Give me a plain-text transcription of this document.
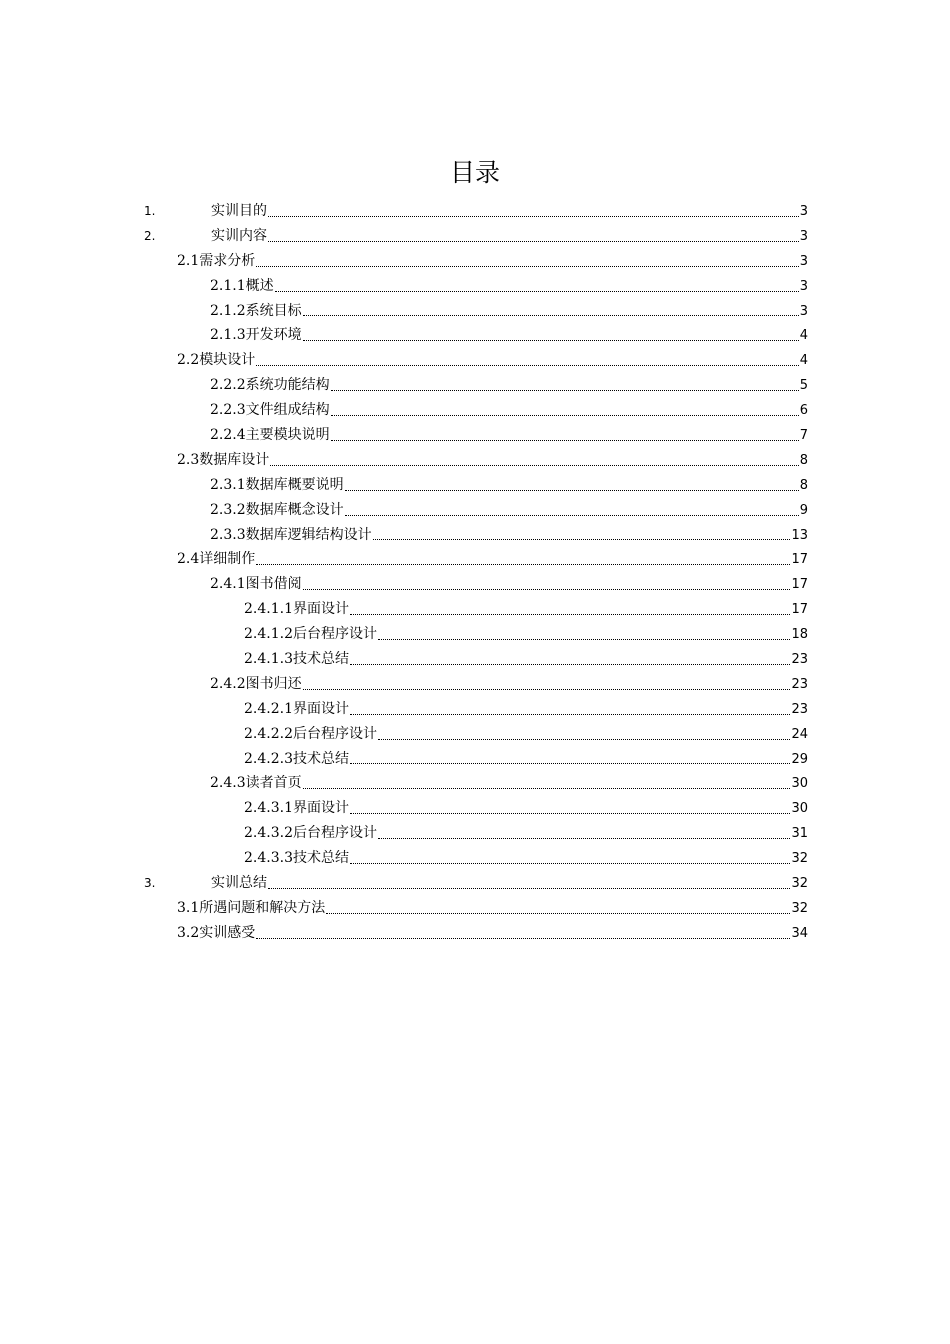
目录
1.	实训目的	3
2.	实训内容	3
2.1需求分析	3
2.1.1概述	3
2.1.2系统目标	3
2.1.3开发环境	4
2.2模块设计	4
2.2.2系统功能结构	5
2.2.3文件组成结构	6
2.2.4主要模块说明	7
2.3数据库设计	8
2.3.1数据库概要说明	8
2.3.2数据库概念设计	9
2.3.3数据库逻辑结构设计	13
2.4详细制作	17
2.4.1图书借阅	17
2.4.1.1界面设计	17
2.4.1.2后台程序设计	18
2.4.1.3技术总结	23
2.4.2图书归还	23
2.4.2.1界面设计	23
2.4.2.2后台程序设计	24
2.4.2.3技术总结	29
2.4.3读者首页	30
2.4.3.1界面设计	30
2.4.3.2后台程序设计	31
2.4.3.3技术总结	32
3.	实训总结	32
3.1所遇问题和解决方法	32
3.2实训感受	34
